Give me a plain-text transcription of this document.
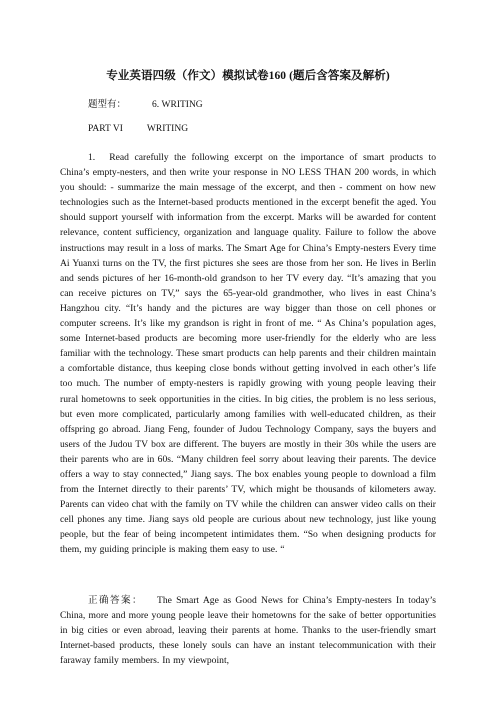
专业英语四级（作文）模拟试卷160 (题后含答案及解析)
题型有：	6. WRITING
PART VI	WRITING
1. Read carefully the following excerpt on the importance of smart products to China’s empty-nesters, and then write your response in NO LESS THAN 200 words, in which you should: - summarize the main message of the excerpt, and then - comment on how new technologies such as the Internet-based products mentioned in the excerpt benefit the aged. You should support yourself with information from the excerpt. Marks will be awarded for content relevance, content sufficiency, organization and language quality. Failure to follow the above instructions may result in a loss of marks. The Smart Age for China’s Empty-nesters Every time Ai Yuanxi turns on the TV, the first pictures she sees are those from her son. He lives in Berlin and sends pictures of her 16-month-old grandson to her TV every day. “It’s amazing that you can receive pictures on TV,” says the 65-year-old grandmother, who lives in east China’s Hangzhou city. “It’s handy and the pictures are way bigger than those on cell phones or computer screens. It’s like my grandson is right in front of me. “ As China’s population ages, some Internet-based products are becoming more user-friendly for the elderly who are less familiar with the technology. These smart products can help parents and their children maintain a comfortable distance, thus keeping close bonds without getting involved in each other’s life too much. The number of empty-nesters is rapidly growing with young people leaving their rural hometowns to seek opportunities in the cities. In big cities, the problem is no less serious, but even more complicated, particularly among families with well-educated children, as their offspring go abroad. Jiang Feng, founder of Judou Technology Company, says the buyers and users of the Judou TV box are different. The buyers are mostly in their 30s while the users are their parents who are in 60s. “Many children feel sorry about leaving their parents. The device offers a way to stay connected,” Jiang says. The box enables young people to download a film from the Internet directly to their parents’ TV, which might be thousands of kilometers away. Parents can video chat with the family on TV while the children can answer video calls on their cell phones any time. Jiang says old people are curious about new technology, just like young people, but the fear of being incompetent intimidates them. “So when designing products for them, my guiding principle is making them easy to use. “
正确答案： The Smart Age as Good News for China’s Empty-nesters In today’s China, more and more young people leave their hometowns for the sake of better opportunities in big cities or even abroad, leaving their parents at home. Thanks to the user-friendly smart Internet-based products, these lonely souls can have an instant telecommunication with their faraway family members. In my viewpoint,
